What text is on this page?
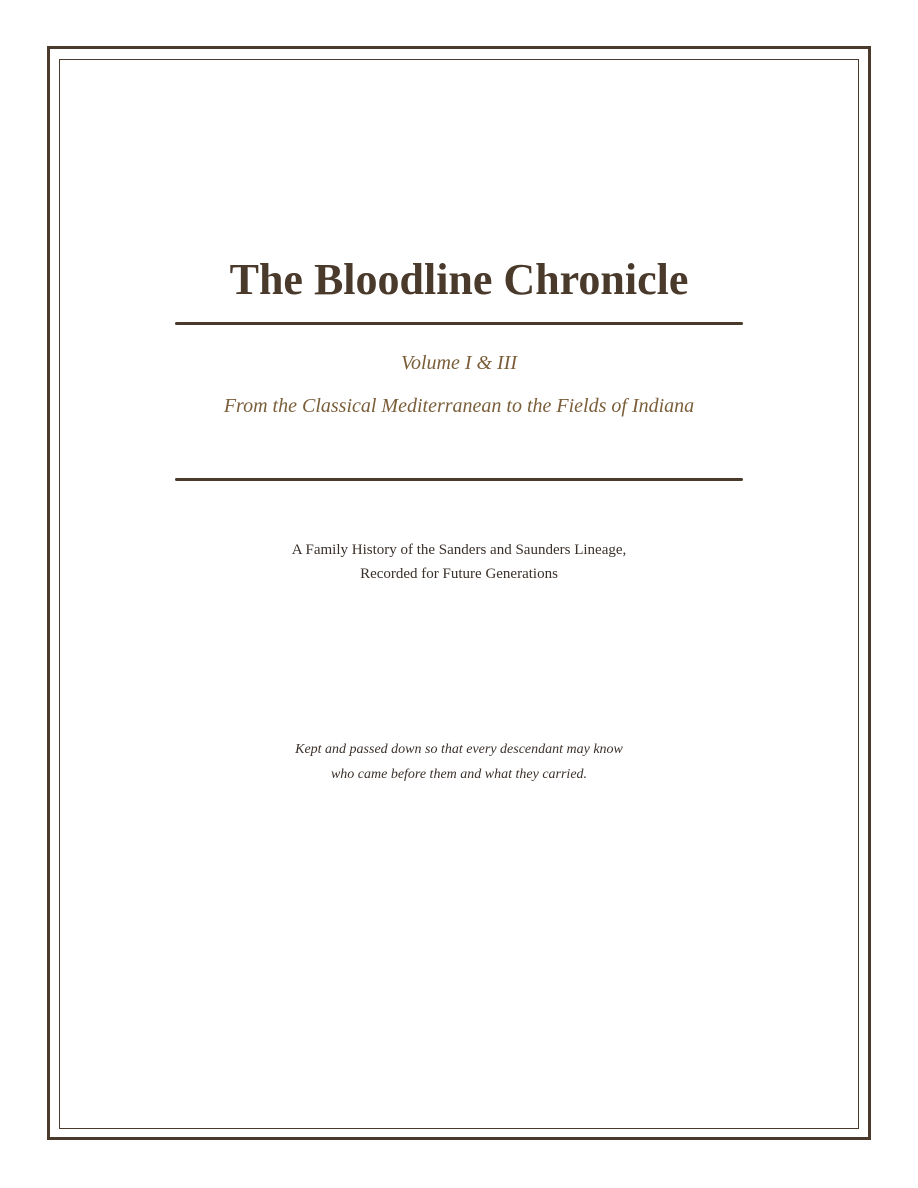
The Bloodline Chronicle
Volume I & III
From the Classical Mediterranean to the Fields of Indiana
A Family History of the Sanders and Saunders Lineage,
Recorded for Future Generations
Kept and passed down so that every descendant may know
who came before them and what they carried.
